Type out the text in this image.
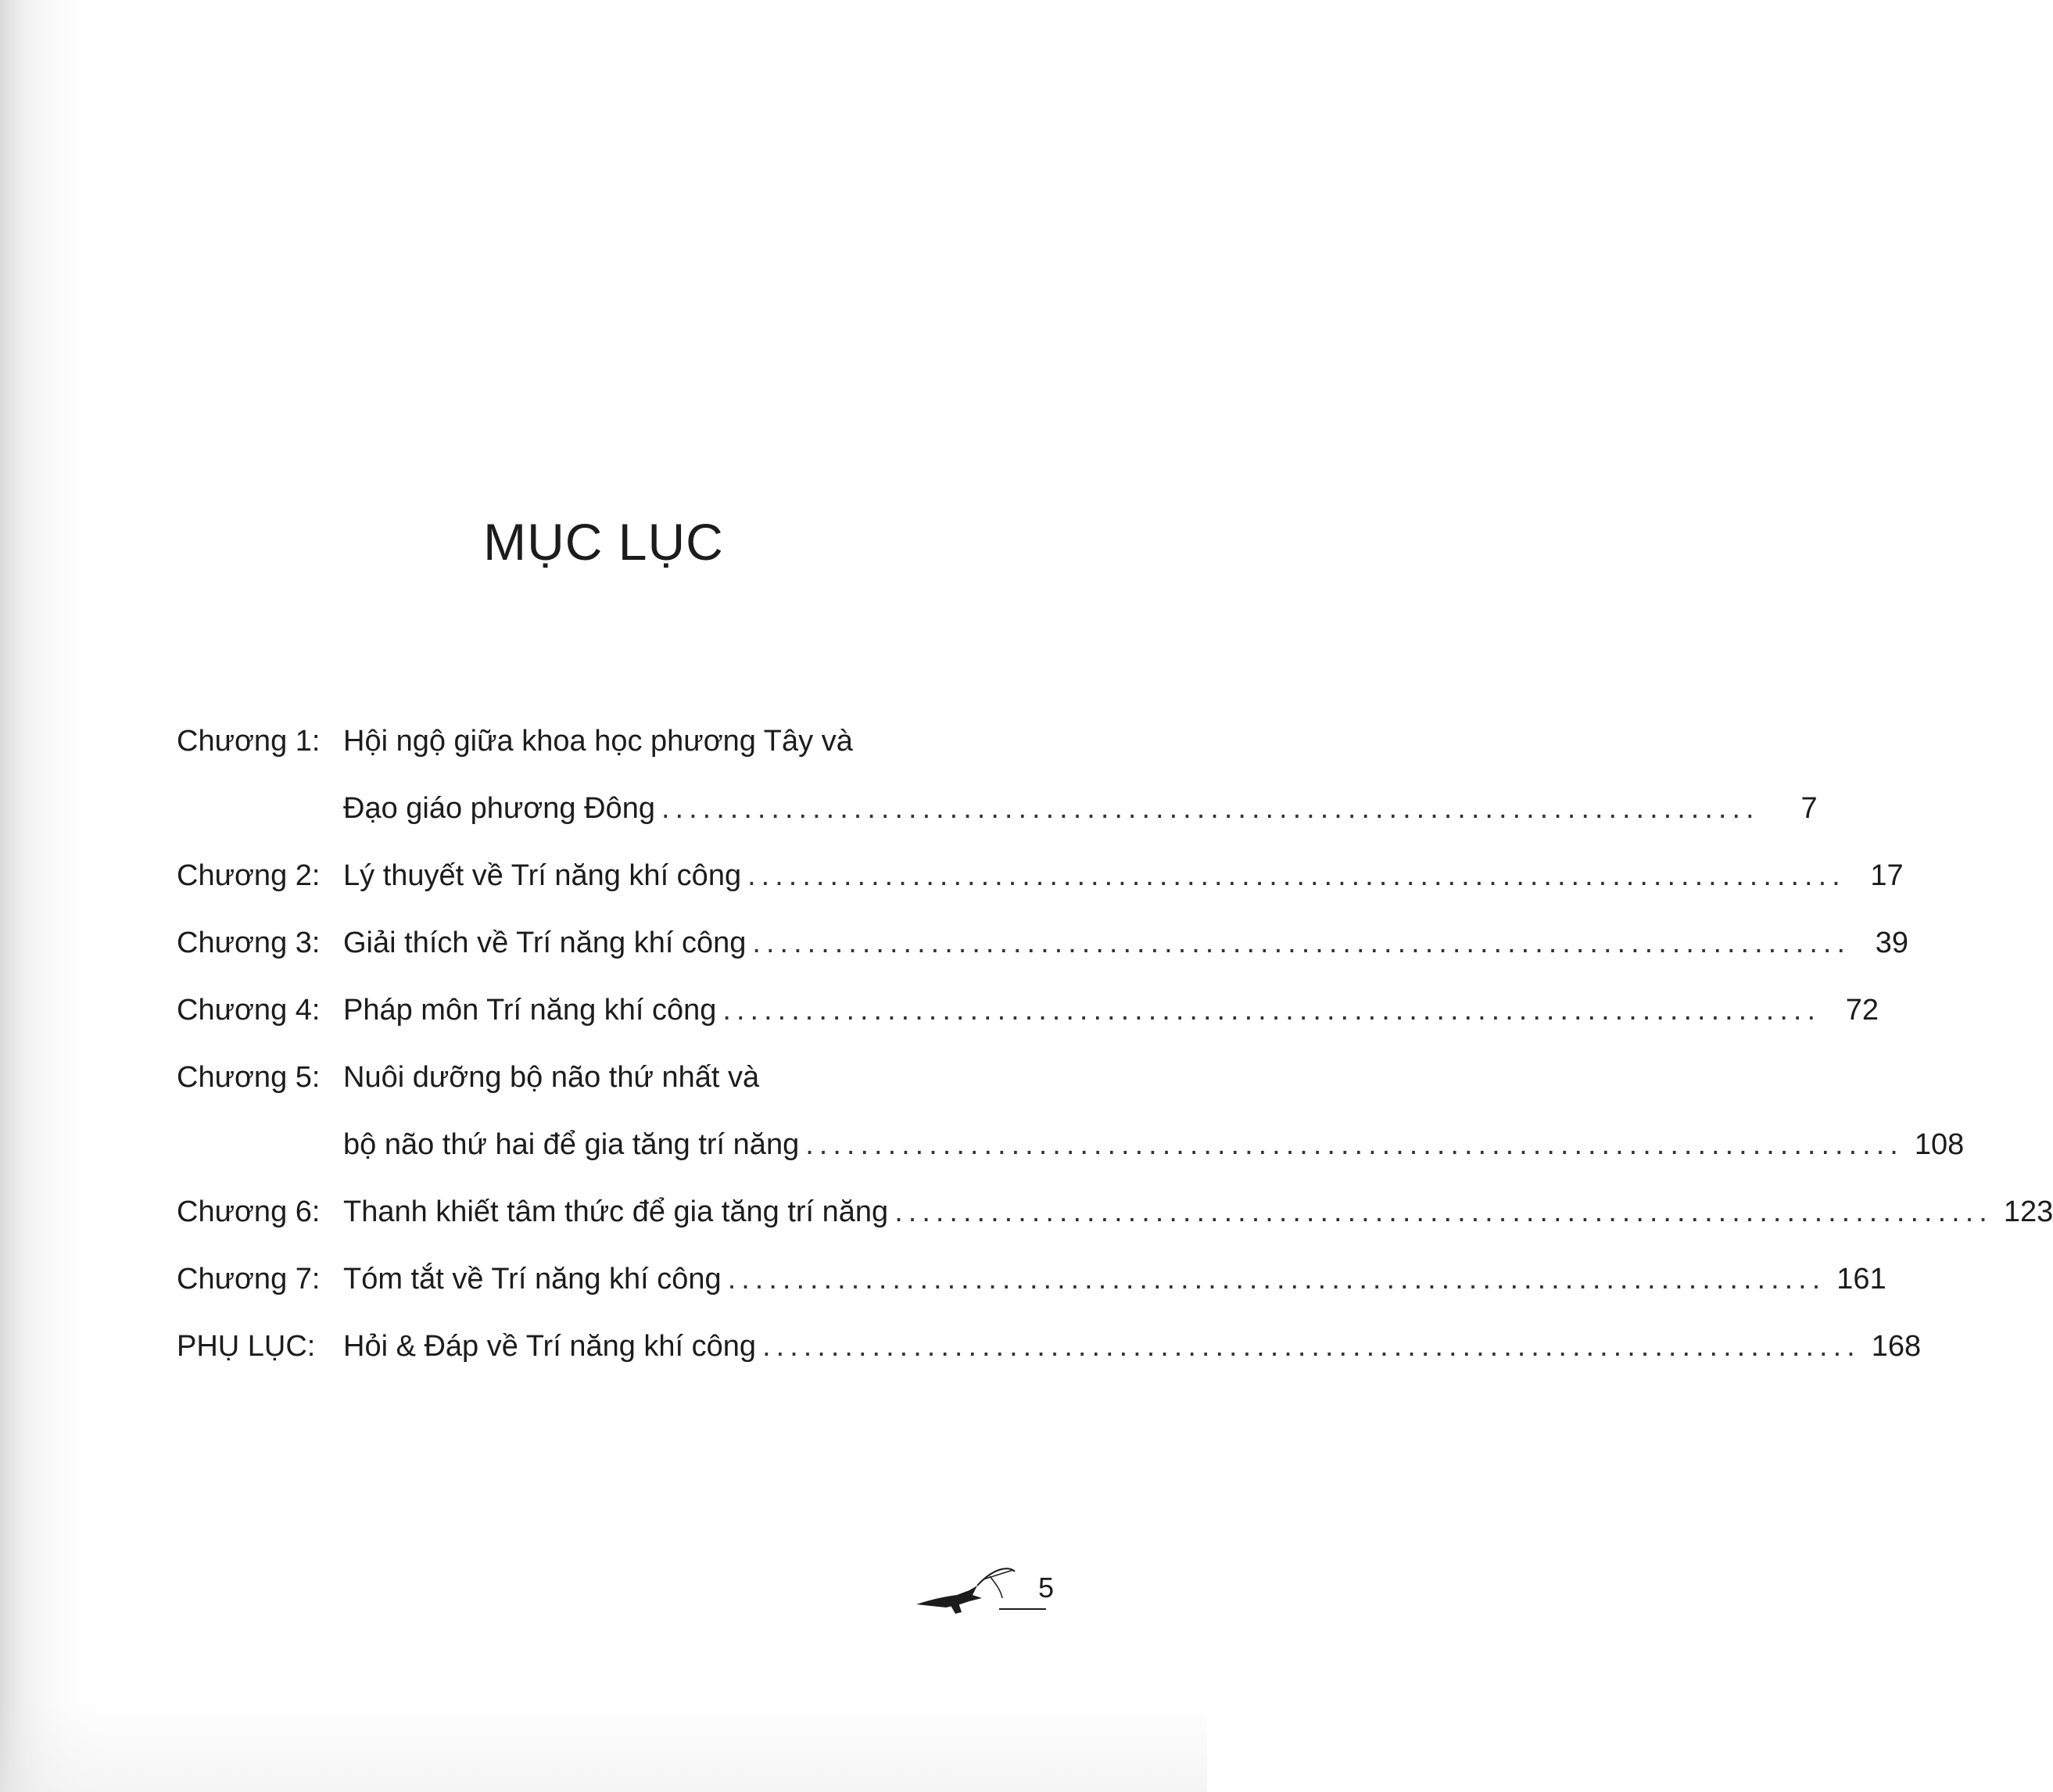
MỤC LỤC
Chương 1: Hội ngộ giữa khoa học phương Tây và
Đạo giáo phương Đông ................................................................................	7
Chương 2: Lý thuyết về Trí năng khí công ................................................................................ 17
Chương 3: Giải thích về Trí năng khí công ................................................................................ 39
Chương 4: Pháp môn Trí năng khí công ................................................................................ 72
Chương 5: Nuôi dưỡng bộ não thứ nhất và
bộ não thứ hai để gia tăng trí năng ................................................................................ 108
Chương 6: Thanh khiết tâm thức để gia tăng trí năng ................................................................................ 123
Chương 7: Tóm tắt về Trí năng khí công ................................................................................ 161
PHỤ LỤC: Hỏi & Đáp về Trí năng khí công ................................................................................ 168
5
